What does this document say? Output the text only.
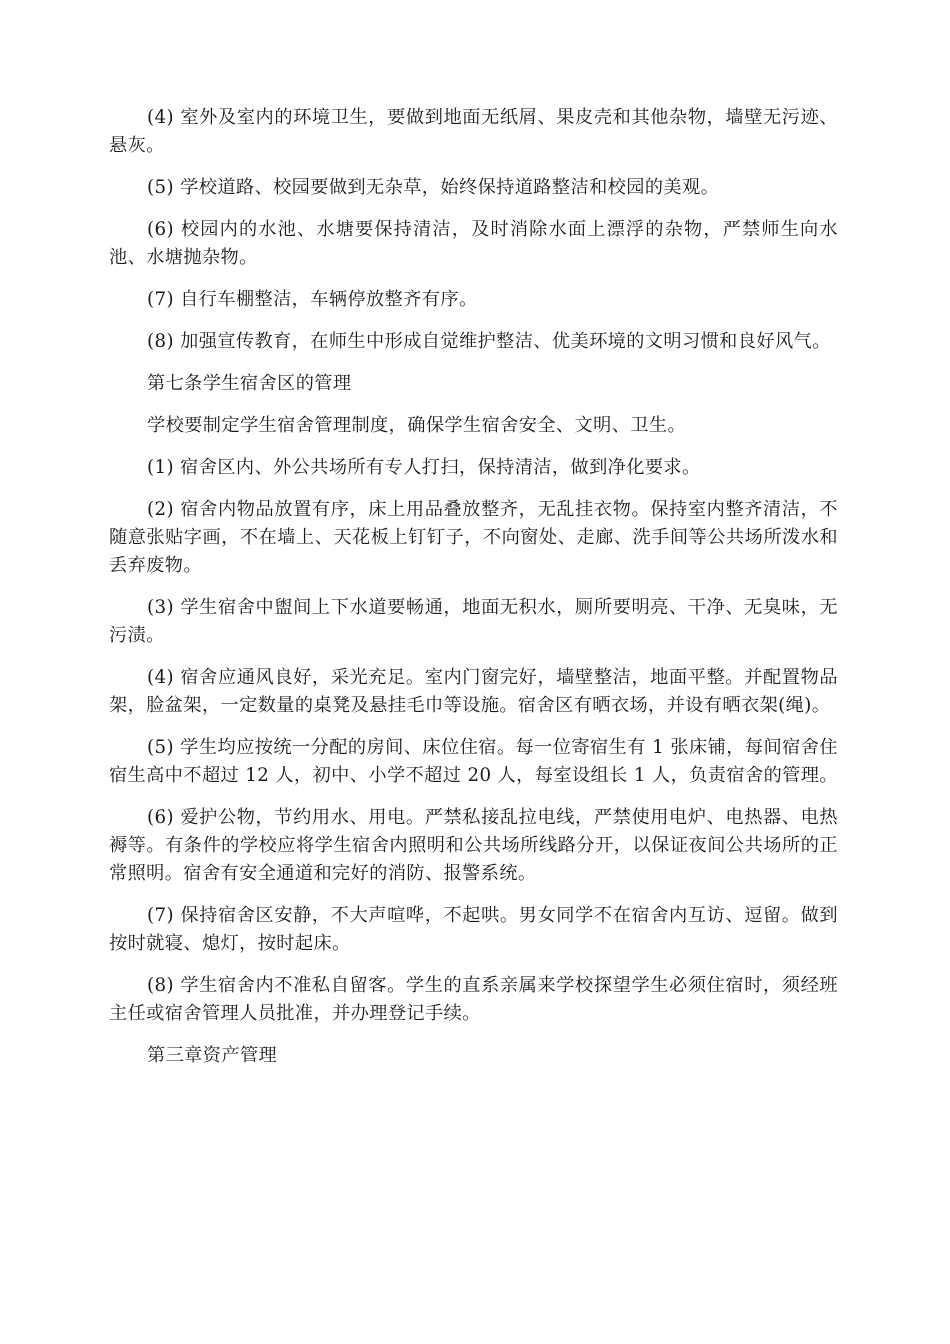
(4) 室外及室内的环境卫生，要做到地面无纸屑、果皮壳和其他杂物，墙壁无污迹、悬灰。

(5) 学校道路、校园要做到无杂草，始终保持道路整洁和校园的美观。

(6) 校园内的水池、水塘要保持清洁，及时消除水面上漂浮的杂物，严禁师生向水池、水塘抛杂物。

(7) 自行车棚整洁，车辆停放整齐有序。

(8) 加强宣传教育，在师生中形成自觉维护整洁、优美环境的文明习惯和良好风气。

第七条学生宿舍区的管理

学校要制定学生宿舍管理制度，确保学生宿舍安全、文明、卫生。

(1) 宿舍区内、外公共场所有专人打扫，保持清洁，做到净化要求。

(2) 宿舍内物品放置有序，床上用品叠放整齐，无乱挂衣物。保持室内整齐清洁，不随意张贴字画，不在墙上、天花板上钉钉子，不向窗处、走廊、洗手间等公共场所泼水和丢弃废物。

(3) 学生宿舍中盥间上下水道要畅通，地面无积水，厕所要明亮、干净、无臭味，无污渍。

(4) 宿舍应通风良好，采光充足。室内门窗完好，墙壁整洁，地面平整。并配置物品架，脸盆架，一定数量的桌凳及悬挂毛巾等设施。宿舍区有晒衣场，并设有晒衣架(绳)。

(5) 学生均应按统一分配的房间、床位住宿。每一位寄宿生有 1 张床铺，每间宿舍住宿生高中不超过 12 人，初中、小学不超过 20 人，每室设组长 1 人，负责宿舍的管理。

(6) 爱护公物，节约用水、用电。严禁私接乱拉电线，严禁使用电炉、电热器、电热褥等。有条件的学校应将学生宿舍内照明和公共场所线路分开，以保证夜间公共场所的正常照明。宿舍有安全通道和完好的消防、报警系统。

(7) 保持宿舍区安静，不大声喧哗，不起哄。男女同学不在宿舍内互访、逗留。做到按时就寝、熄灯，按时起床。

(8) 学生宿舍内不准私自留客。学生的直系亲属来学校探望学生必须住宿时，须经班主任或宿舍管理人员批准，并办理登记手续。

第三章资产管理
